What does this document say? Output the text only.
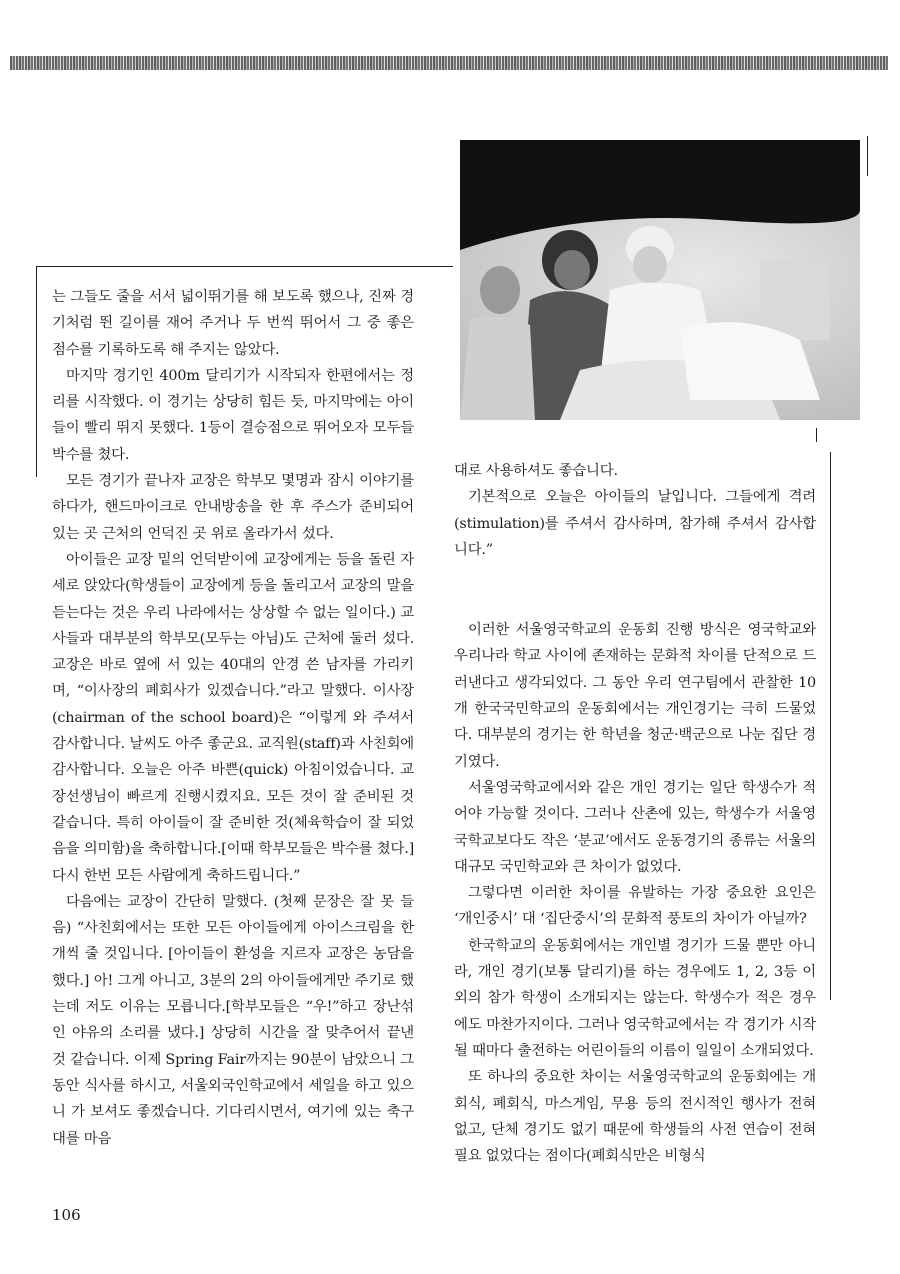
는 그들도 줄을 서서 넓이뛰기를 해 보도록 했으나, 진짜 경기처럼 뛴 길이를 재어 주거나 두 번씩 뛰어서 그 중 좋은 점수를 기록하도록 해 주지는 않았다.

마지막 경기인 400m 달리기가 시작되자 한편에서는 정리를 시작했다. 이 경기는 상당히 힘든 듯, 마지막에는 아이들이 빨리 뛰지 못했다. 1등이 결승점으로 뛰어오자 모두들 박수를 쳤다.

모든 경기가 끝나자 교장은 학부모 몇명과 잠시 이야기를 하다가, 핸드마이크로 안내방송을 한 후 주스가 준비되어 있는 곳 근처의 언덕진 곳 위로 올라가서 섰다.

아이들은 교장 밑의 언덕받이에 교장에게는 등을 돌린 자세로 앉았다(학생들이 교장에게 등을 돌리고서 교장의 말을 듣는다는 것은 우리 나라에서는 상상할 수 없는 일이다.) 교사들과 대부분의 학부모(모두는 아님)도 근처에 둘러 섰다. 교장은 바로 옆에 서 있는 40대의 안경 쓴 남자를 가리키며, “이사장의 폐회사가 있겠습니다.”라고 말했다. 이사장(chairman of the school board)은 “이렇게 와 주셔서 감사합니다. 날씨도 아주 좋군요. 교직원(staff)과 사친회에 감사합니다. 오늘은 아주 바쁜(quick) 아침이었습니다. 교장선생님이 빠르게 진행시켰지요. 모든 것이 잘 준비된 것 같습니다. 특히 아이들이 잘 준비한 것(체육학습이 잘 되었음을 의미함)을 축하합니다.[이때 학부모들은 박수를 쳤다.] 다시 한번 모든 사람에게 축하드립니다.”

다음에는 교장이 간단히 말했다. (첫째 문장은 잘 못 들음) “사친회에서는 또한 모든 아이들에게 아이스크림을 한 개씩 줄 것입니다. [아이들이 환성을 지르자 교장은 농담을 했다.] 아! 그게 아니고, 3분의 2의 아이들에게만 주기로 했는데 저도 이유는 모릅니다.[학부모들은 “우!”하고 장난섞인 야유의 소리를 냈다.] 상당히 시간을 잘 맞추어서 끝낸 것 같습니다. 이제 Spring Fair까지는 90분이 남았으니 그 동안 식사를 하시고, 서울외국인학교에서 세일을 하고 있으니 가 보셔도 좋겠습니다. 기다리시면서, 여기에 있는 축구대를 마음

대로 사용하셔도 좋습니다.

기본적으로 오늘은 아이들의 날입니다. 그들에게 격려(stimulation)를 주셔서 감사하며, 참가해 주셔서 감사합니다.”

이러한 서울영국학교의 운동회 진행 방식은 영국학교와 우리나라 학교 사이에 존재하는 문화적 차이를 단적으로 드러낸다고 생각되었다. 그 동안 우리 연구팀에서 관찰한 10개 한국국민학교의 운동회에서는 개인경기는 극히 드물었다. 대부분의 경기는 한 학년을 청군·백군으로 나눈 집단 경기였다.

서울영국학교에서와 같은 개인 경기는 일단 학생수가 적어야 가능할 것이다. 그러나 산촌에 있는, 학생수가 서울영국학교보다도 작은 ‘분교’에서도 운동경기의 종류는 서울의 대규모 국민학교와 큰 차이가 없었다.

그렇다면 이러한 차이를 유발하는 가장 중요한 요인은 ‘개인중시’ 대 ‘집단중시’의 문화적 풍토의 차이가 아닐까?

한국학교의 운동회에서는 개인별 경기가 드물 뿐만 아니라, 개인 경기(보통 달리기)를 하는 경우에도 1, 2, 3등 이외의 참가 학생이 소개되지는 않는다. 학생수가 적은 경우에도 마찬가지이다. 그러나 영국학교에서는 각 경기가 시작될 때마다 출전하는 어린이들의 이름이 일일이 소개되었다.

또 하나의 중요한 차이는 서울영국학교의 운동회에는 개회식, 폐회식, 마스게임, 무용 등의 전시적인 행사가 전혀 없고, 단체 경기도 없기 때문에 학생들의 사전 연습이 전혀 필요 없었다는 점이다(폐회식만은 비형식

106
